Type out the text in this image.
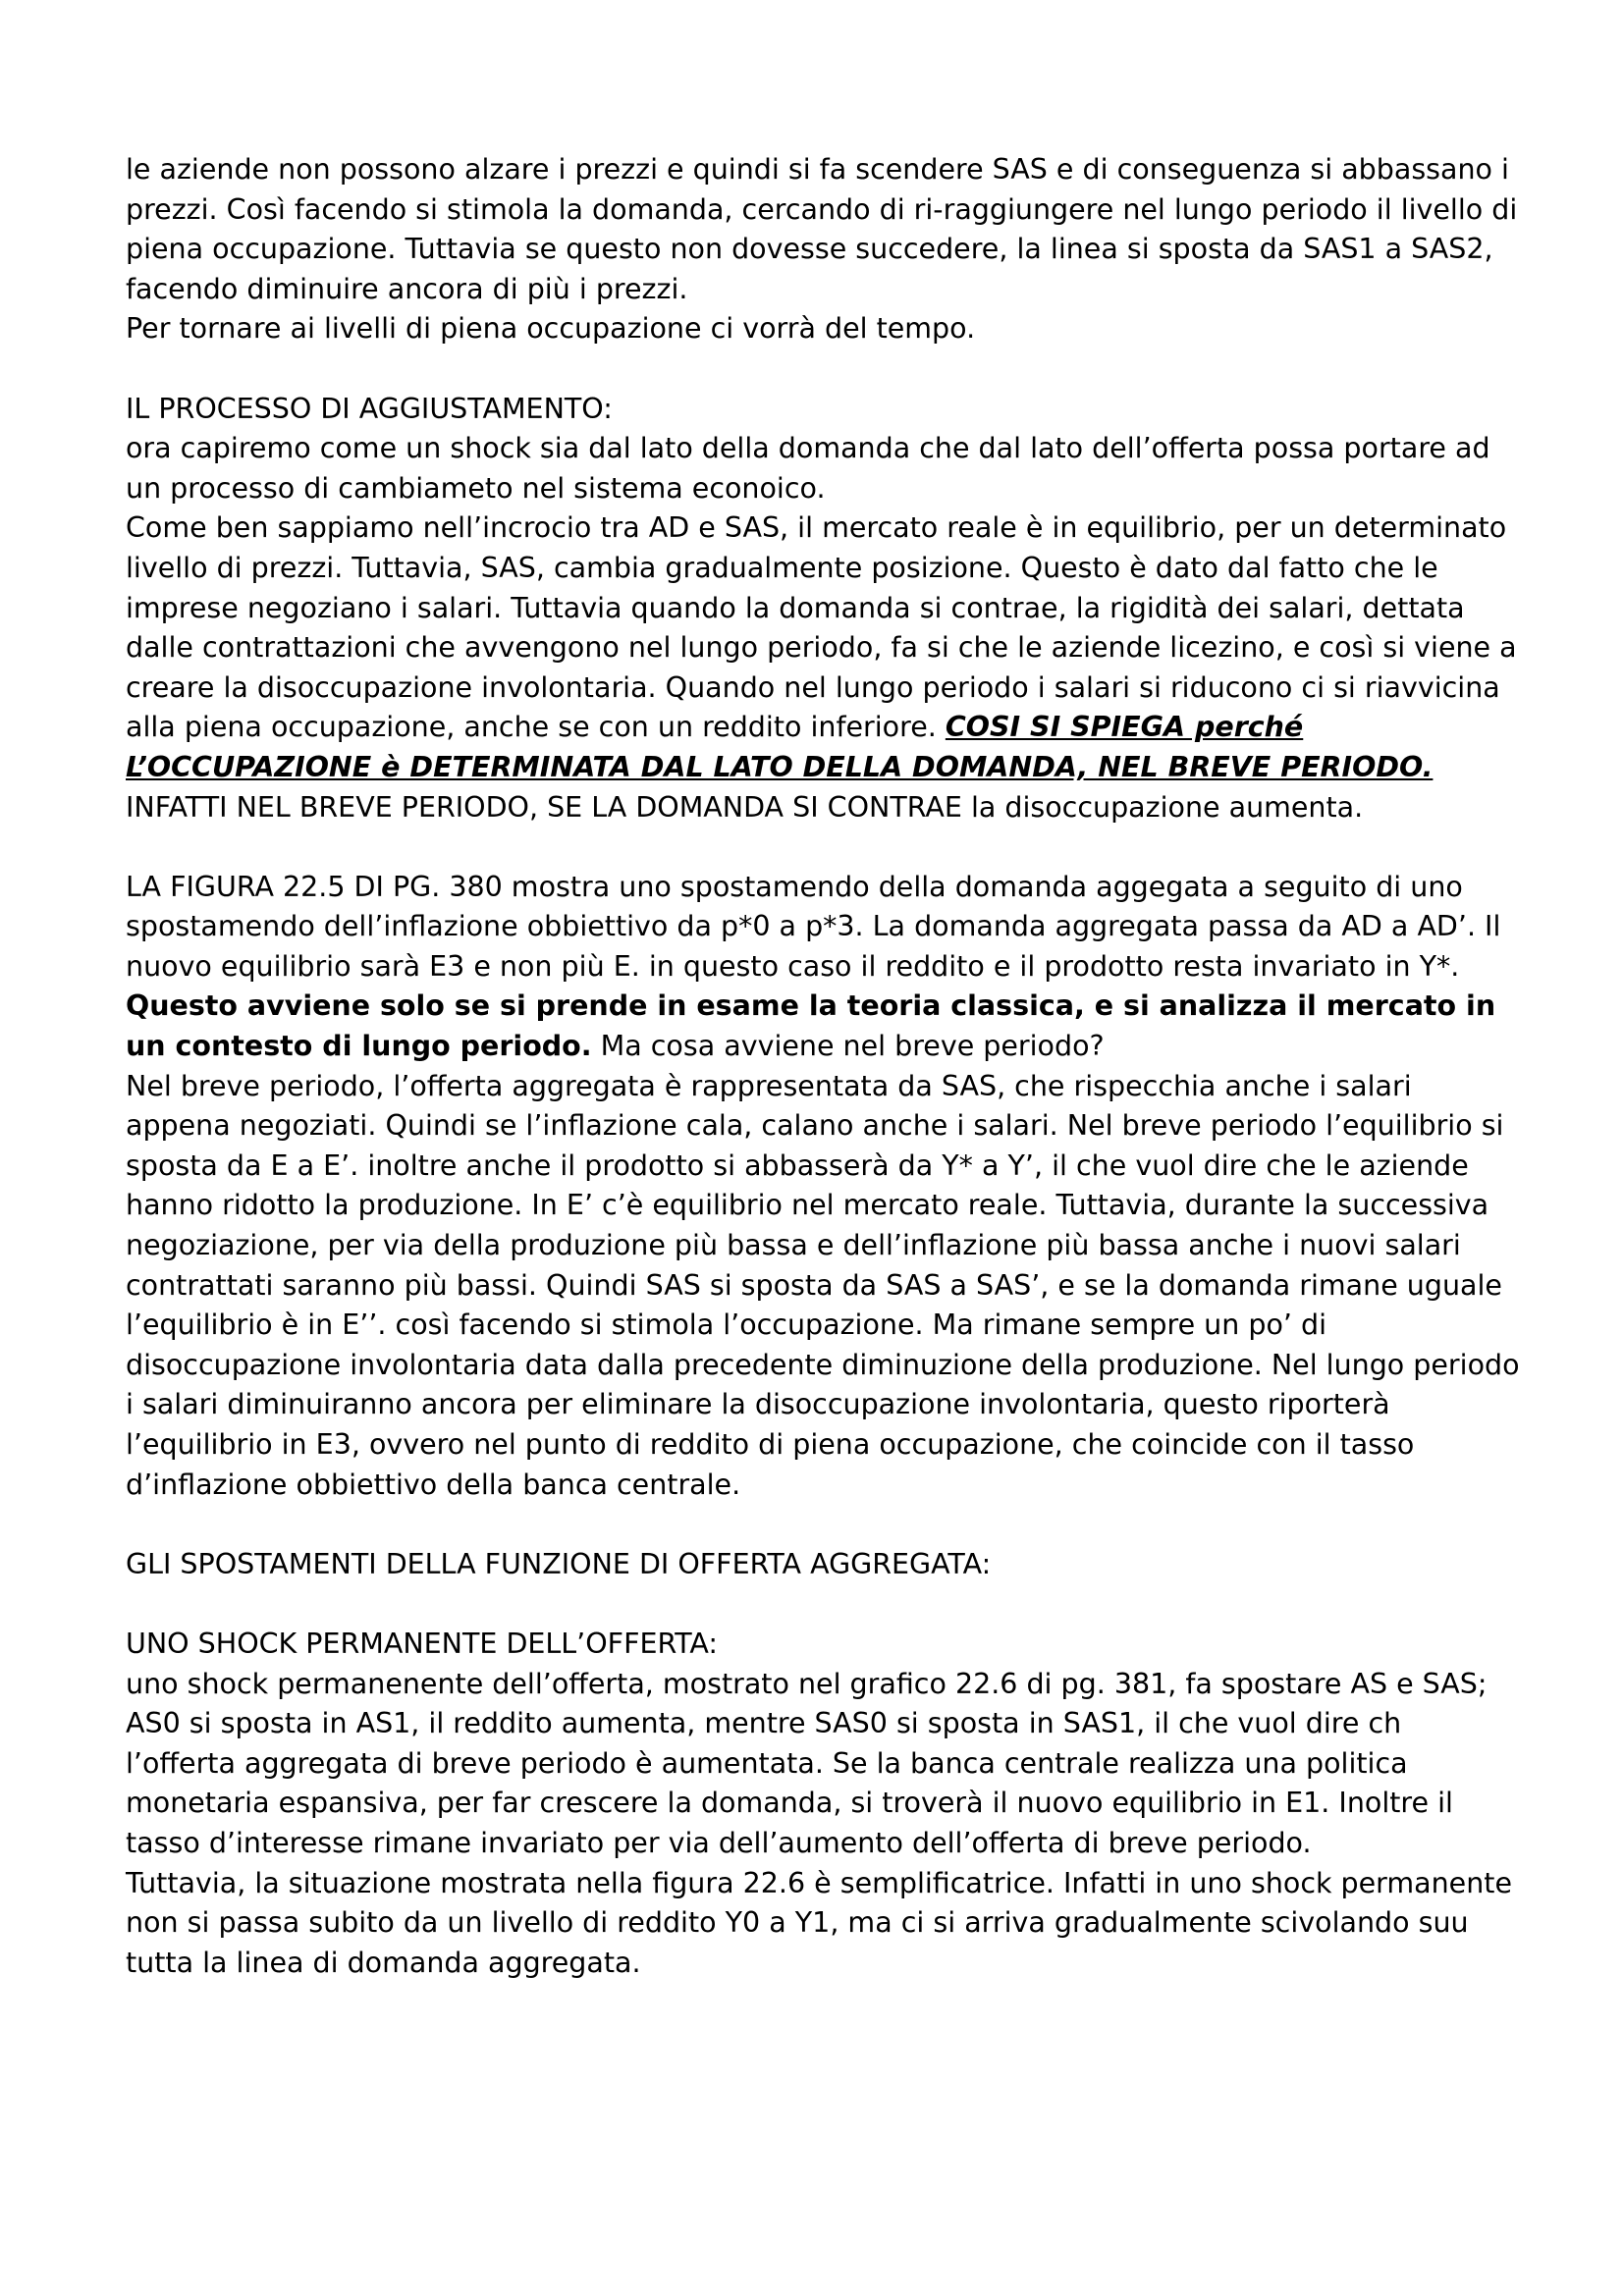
le aziende non possono alzare i prezzi e quindi si fa scendere SAS e di conseguenza si abbassano i prezzi. Così facendo si stimola la domanda, cercando di ri-raggiungere nel lungo periodo il livello di piena occupazione. Tuttavia se questo non dovesse succedere, la linea si sposta da SAS1 a SAS2, facendo diminuire ancora di più i prezzi.

Per tornare ai livelli di piena occupazione ci vorrà del tempo.

IL PROCESSO DI AGGIUSTAMENTO:

ora capiremo come un shock sia dal lato della domanda che dal lato dell’offerta possa portare ad un processo di cambiameto nel sistema econoico.

Come ben sappiamo nell’incrocio tra AD e SAS, il mercato reale è in equilibrio, per un determinato livello di prezzi. Tuttavia, SAS, cambia gradualmente posizione. Questo è dato dal fatto che le imprese negoziano i salari. Tuttavia quando la domanda si contrae, la rigidità dei salari, dettata dalle contrattazioni che avvengono nel lungo periodo, fa si che le aziende licezino, e così si viene a creare la disoccupazione involontaria. Quando nel lungo periodo i salari si riducono ci si riavvicina alla piena occupazione, anche se con un reddito inferiore. COSI SI SPIEGA perché L’OCCUPAZIONE è DETERMINATA DAL LATO DELLA DOMANDA, NEL BREVE PERIODO. INFATTI NEL BREVE PERIODO, SE LA DOMANDA SI CONTRAE la disoccupazione aumenta.

LA FIGURA 22.5 DI PG. 380 mostra uno spostamendo della domanda aggegata a seguito di uno spostamendo dell’inflazione obbiettivo da p*0 a p*3. La domanda aggregata passa da AD a AD’. Il nuovo equilibrio sarà E3 e non più E. in questo caso il reddito e il prodotto resta invariato in Y*. Questo avviene solo se si prende in esame la teoria classica, e si analizza il mercato in un contesto di lungo periodo. Ma cosa avviene nel breve periodo?

Nel breve periodo, l’offerta aggregata è rappresentata da SAS, che rispecchia anche i salari appena negoziati. Quindi se l’inflazione cala, calano anche i salari. Nel breve periodo l’equilibrio si sposta da E a E’. inoltre anche il prodotto si abbasserà da Y* a Y’, il che vuol dire che le aziende hanno ridotto la produzione. In E’ c’è equilibrio nel mercato reale. Tuttavia, durante la successiva negoziazione, per via della produzione più bassa e dell’inflazione più bassa anche i nuovi salari contrattati saranno più bassi. Quindi SAS si sposta da SAS a SAS’, e se la domanda rimane uguale l’equilibrio è in E’’. così facendo si stimola l’occupazione. Ma rimane sempre un po’ di disoccupazione involontaria data dalla precedente diminuzione della produzione. Nel lungo periodo i salari diminuiranno ancora per eliminare la disoccupazione involontaria, questo riporterà l’equilibrio in E3, ovvero nel punto di reddito di piena occupazione, che coincide con il tasso d’inflazione obbiettivo della banca centrale.

GLI SPOSTAMENTI DELLA FUNZIONE DI OFFERTA AGGREGATA:

UNO SHOCK PERMANENTE DELL’OFFERTA:

uno shock permanenente dell’offerta, mostrato nel grafico 22.6 di pg. 381, fa spostare AS e SAS; AS0 si sposta in AS1, il reddito aumenta, mentre SAS0 si sposta in SAS1, il che vuol dire ch l’offerta aggregata di breve periodo è aumentata. Se la banca centrale realizza una politica monetaria espansiva, per far crescere la domanda, si troverà il nuovo equilibrio in E1. Inoltre il tasso d’interesse rimane invariato per via dell’aumento dell’offerta di breve periodo.

Tuttavia, la situazione mostrata nella figura 22.6 è semplificatrice. Infatti in uno shock permanente non si passa subito da un livello di reddito Y0 a Y1, ma ci si arriva gradualmente scivolando suu tutta la linea di domanda aggregata.
